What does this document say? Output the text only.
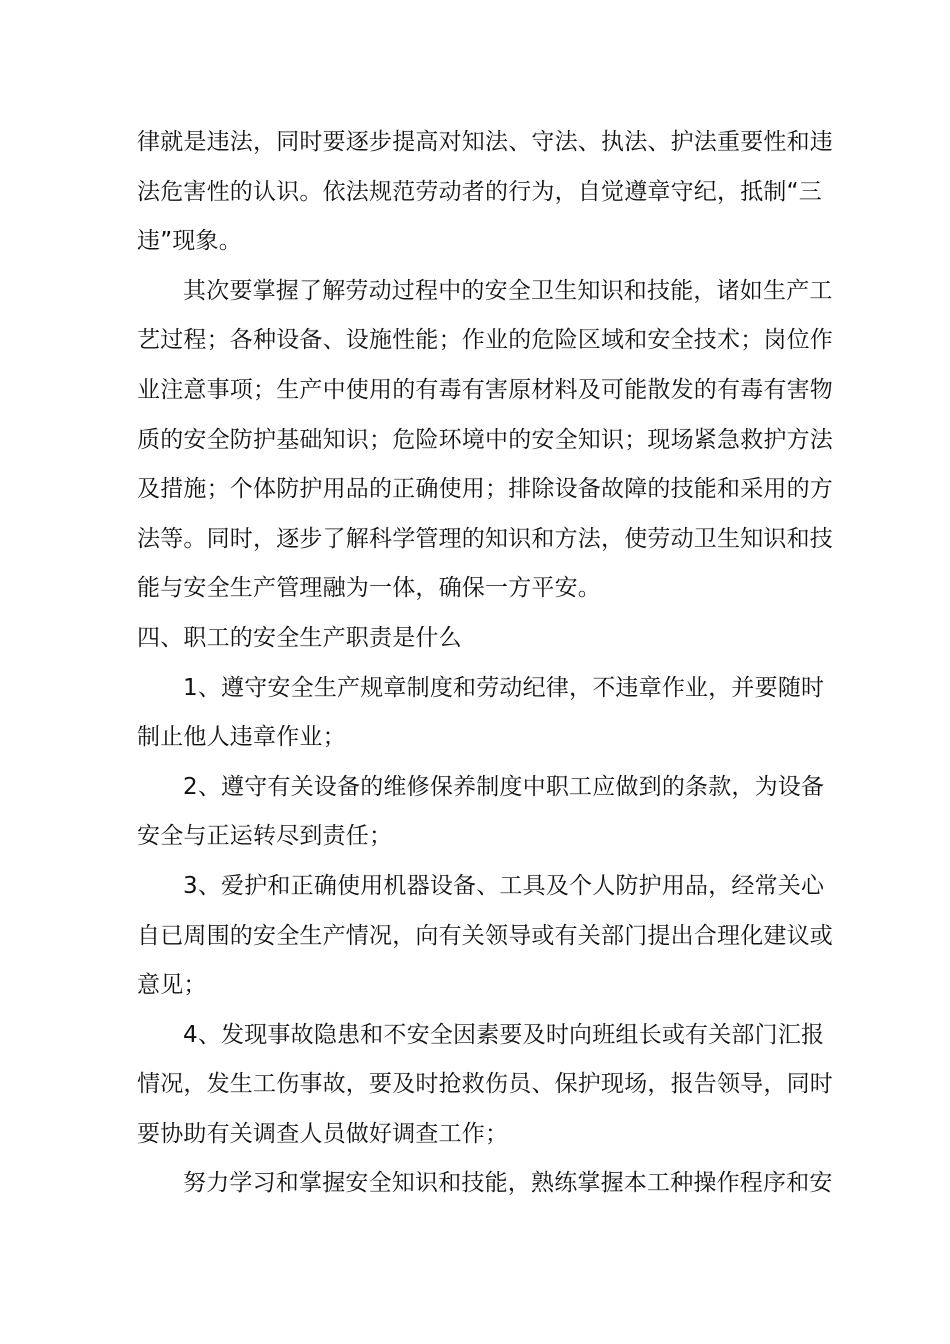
律就是违法，同时要逐步提高对知法、守法、执法、护法重要性和违
法危害性的认识。依法规范劳动者的行为，自觉遵章守纪，抵制“三
违”现象。
其次要掌握了解劳动过程中的安全卫生知识和技能，诸如生产工
艺过程；各种设备、设施性能；作业的危险区域和安全技术；岗位作
业注意事项；生产中使用的有毒有害原材料及可能散发的有毒有害物
质的安全防护基础知识；危险环境中的安全知识；现场紧急救护方法
及措施；个体防护用品的正确使用；排除设备故障的技能和采用的方
法等。同时，逐步了解科学管理的知识和方法，使劳动卫生知识和技
能与安全生产管理融为一体，确保一方平安。
四、职工的安全生产职责是什么
1、遵守安全生产规章制度和劳动纪律，不违章作业，并要随时
制止他人违章作业；
2、遵守有关设备的维修保养制度中职工应做到的条款，为设备
安全与正运转尽到责任；
3、爱护和正确使用机器设备、工具及个人防护用品，经常关心
自已周围的安全生产情况，向有关领导或有关部门提出合理化建议或
意见；
4、发现事故隐患和不安全因素要及时向班组长或有关部门汇报
情况，发生工伤事故，要及时抢救伤员、保护现场，报告领导，同时
要协助有关调查人员做好调查工作；
努力学习和掌握安全知识和技能，熟练掌握本工种操作程序和安
